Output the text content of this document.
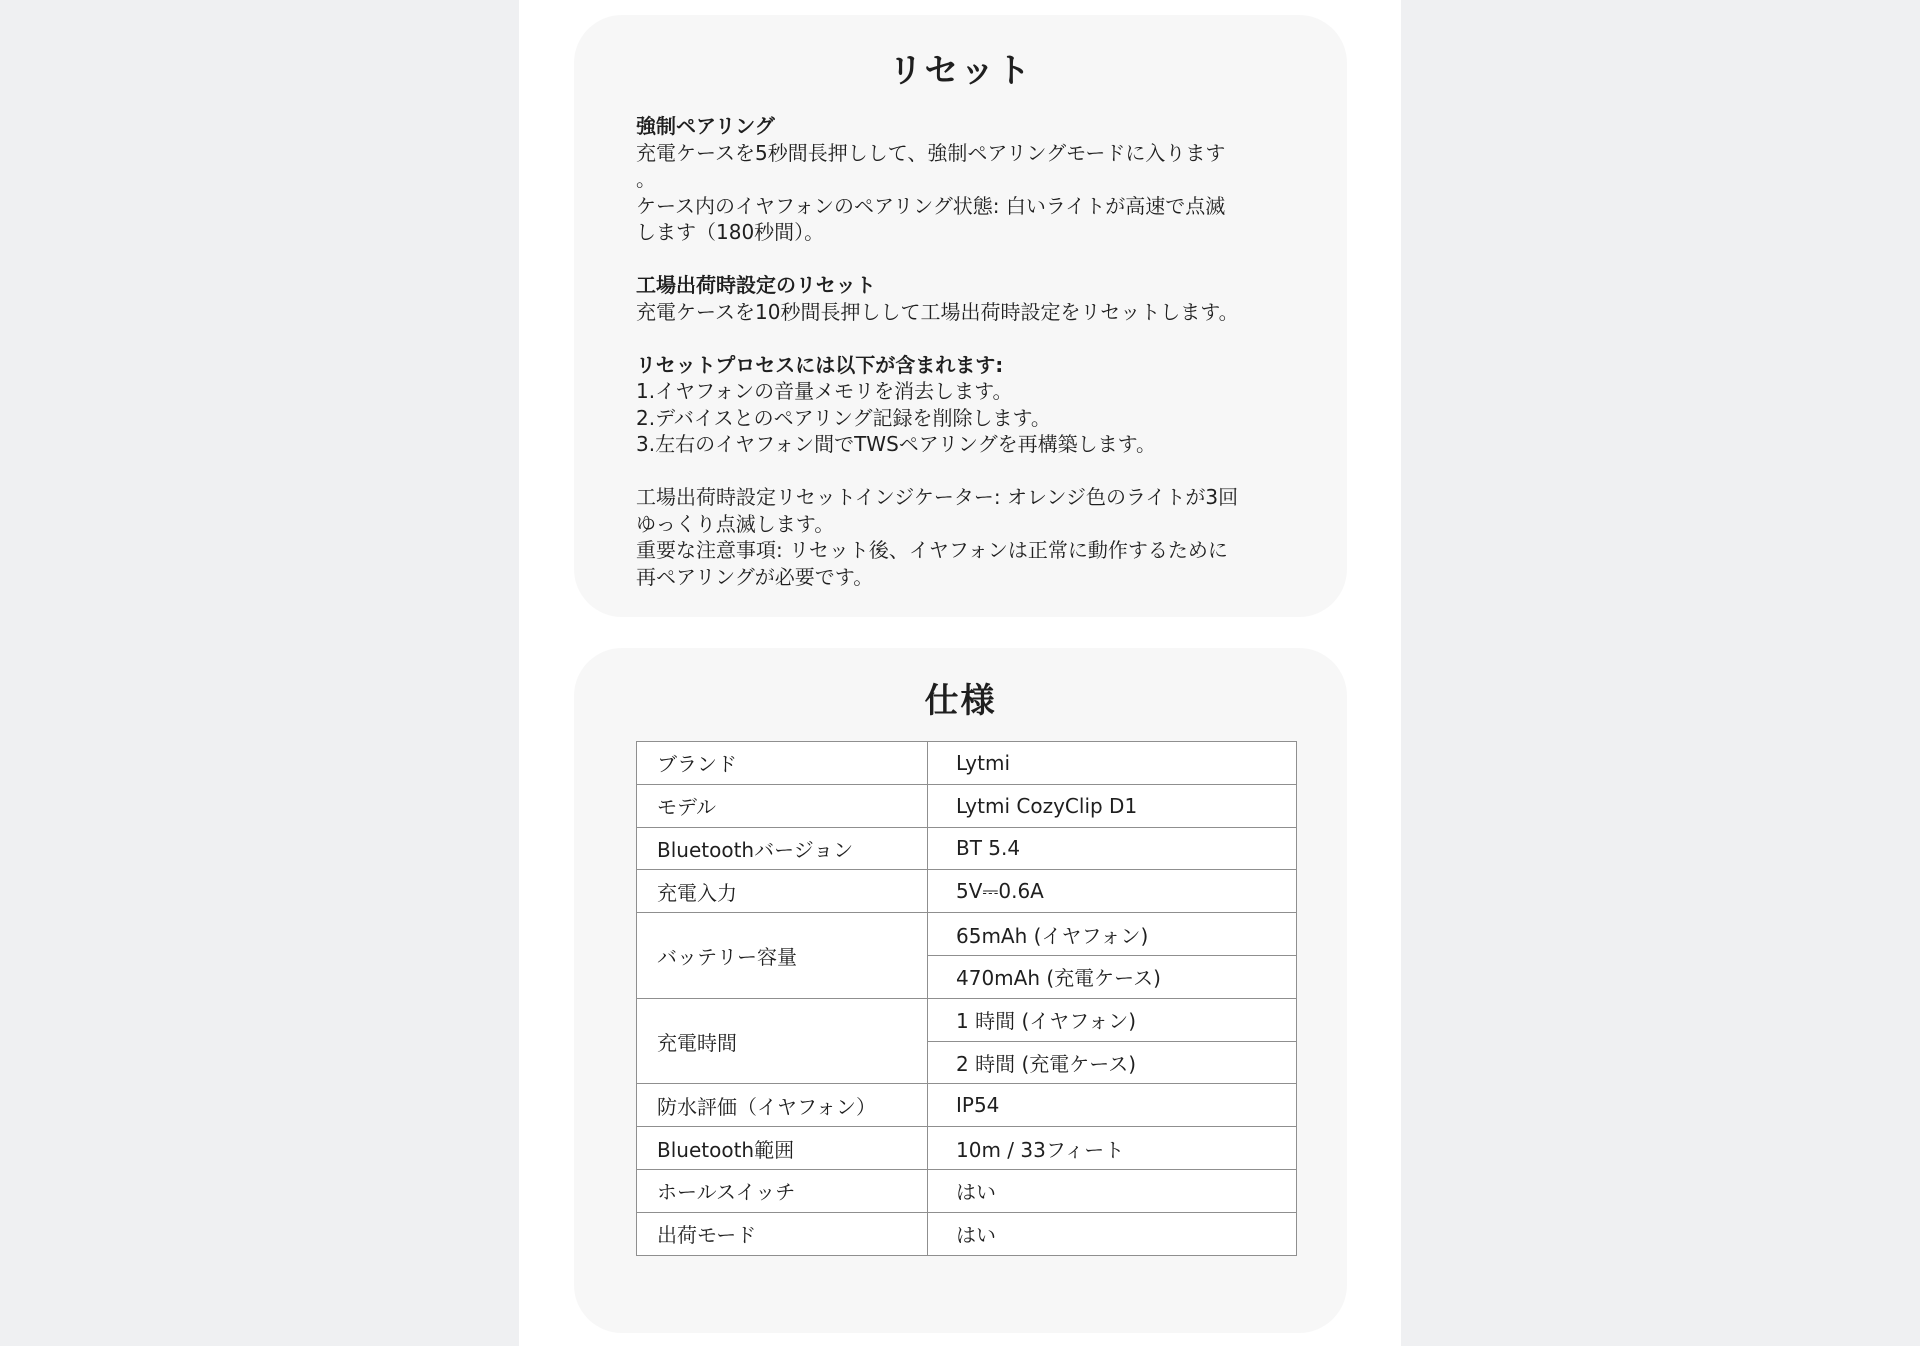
リセット

強制ペアリング

充電ケースを5秒間長押しして、強制ペアリングモードに入ります

。

ケース内のイヤフォンのペアリング状態: 白いライトが高速で点滅

します（180秒間）。

工場出荷時設定のリセット

充電ケースを10秒間長押しして工場出荷時設定をリセットします。

リセットプロセスには以下が含まれます:

1.イヤフォンの音量メモリを消去します。

2.デバイスとのペアリング記録を削除します。

3.左右のイヤフォン間でTWSペアリングを再構築します。

工場出荷時設定リセットインジケーター: オレンジ色のライトが3回

ゆっくり点滅します。

重要な注意事項: リセット後、イヤフォンは正常に動作するために

再ペアリングが必要です。

仕様
ブランド	Lytmi
モデル	Lytmi CozyClip D1
Bluetoothバージョン	BT 5.4
充電入力	5V⎓0.6A
バッテリー容量	65mAh (イヤフォン)
	470mAh (充電ケース)
充電時間	1 時間 (イヤフォン)
	2 時間 (充電ケース)
防水評価（イヤフォン）	IP54
Bluetooth範囲	10m / 33フィート
ホールスイッチ	はい
出荷モード	はい
